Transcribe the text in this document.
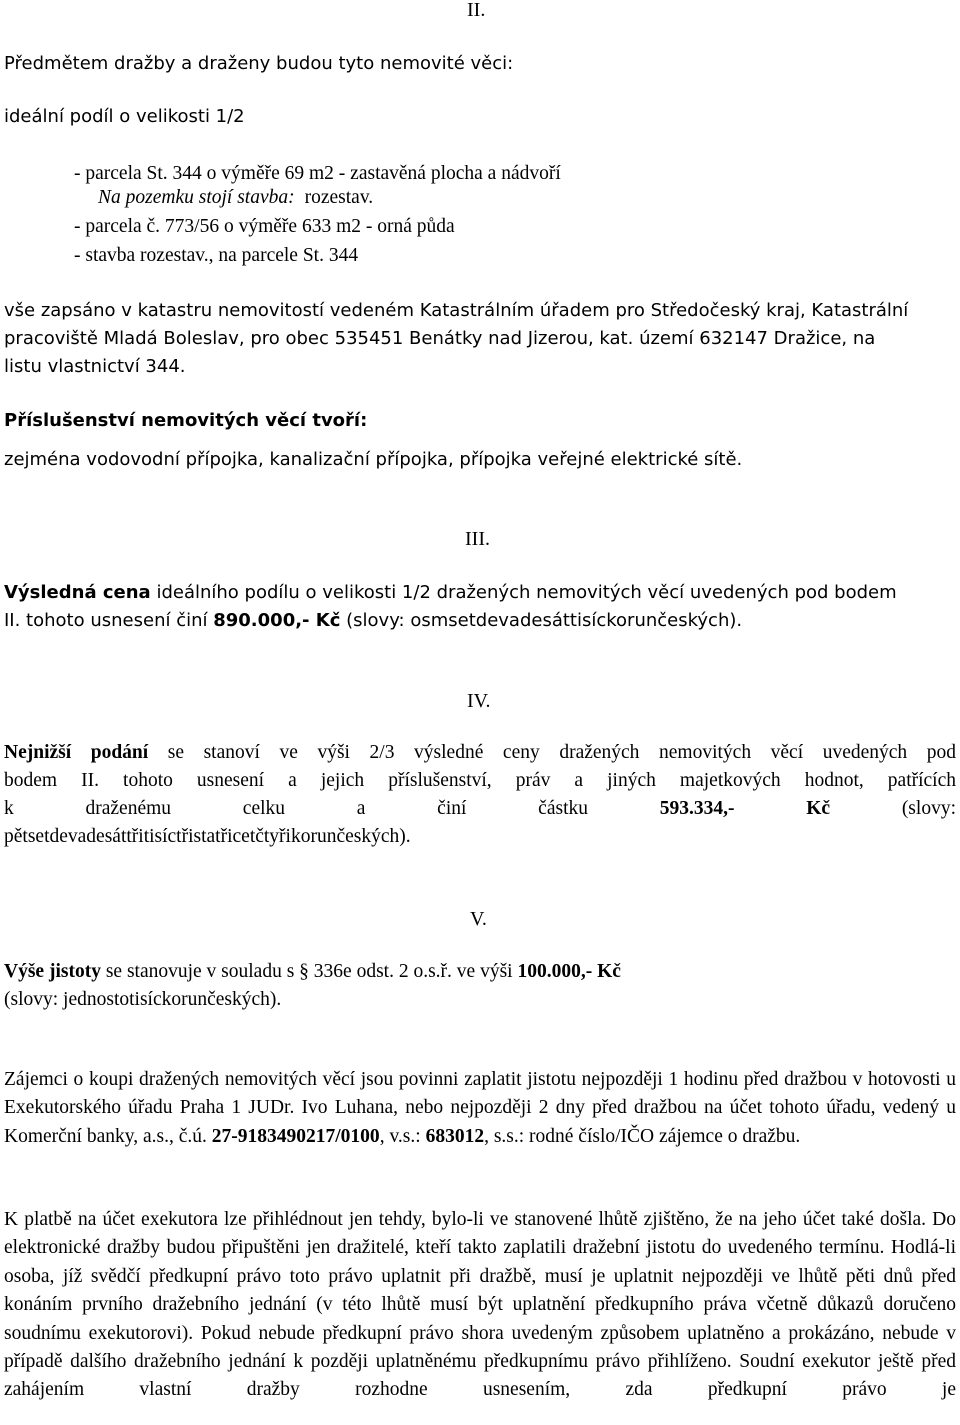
II.
Předmětem dražby a draženy budou tyto nemovité věci:
ideální podíl o velikosti 1/2
- parcela St. 344 o výměře 69 m2 - zastavěná plocha a nádvoří
Na pozemku stojí stavba: rozestav.
- parcela č. 773/56 o výměře 633 m2 - orná půda
- stavba rozestav., na parcele St. 344
vše zapsáno v katastru nemovitostí vedeném Katastrálním úřadem pro Středočeský kraj, Katastrální
pracoviště Mladá Boleslav, pro obec 535451 Benátky nad Jizerou, kat. území 632147 Dražice, na
listu vlastnictví 344.
Příslušenství nemovitých věcí tvoří:
zejména vodovodní přípojka, kanalizační přípojka, přípojka veřejné elektrické sítě.
III.
Výsledná cena ideálního podílu o velikosti 1/2 dražených nemovitých věcí uvedených pod bodem
II. tohoto usnesení činí 890.000,- Kč (slovy: osmsetdevadesáttisíckorunčeských).
IV.
Nejnižší podání se stanoví ve výši 2/3 výsledné ceny dražených nemovitých věcí uvedených pod
bodem II. tohoto usnesení a jejich příslušenství, práv a jiných majetkových hodnot, patřících
k draženému celku a činí částku 593.334,- Kč (slovy:
pětsetdevadesáttřitisíctřistatřicetčtyřikorunčeských).
V.
Výše jistoty se stanovuje v souladu s § 336e odst. 2 o.s.ř. ve výši 100.000,- Kč
(slovy: jednostotisíckorunčeských).
Zájemci o koupi dražených nemovitých věcí jsou povinni zaplatit jistotu nejpozději 1 hodinu před dražbou v hotovosti u Exekutorského úřadu Praha 1 JUDr. Ivo Luhana, nebo nejpozději 2 dny před dražbou na účet tohoto úřadu, vedený u Komerční banky, a.s., č.ú. 27-9183490217/0100, v.s.: 683012, s.s.: rodné číslo/IČO zájemce o dražbu.
K platbě na účet exekutora lze přihlédnout jen tehdy, bylo-li ve stanovené lhůtě zjištěno, že na jeho účet také došla. Do elektronické dražby budou připuštěni jen dražitelé, kteří takto zaplatili dražební jistotu do uvedeného termínu. Hodlá-li osoba, jíž svědčí předkupní právo toto právo uplatnit při dražbě, musí je uplatnit nejpozději ve lhůtě pěti dnů před konáním prvního dražebního jednání (v této lhůtě musí být uplatnění předkupního práva včetně důkazů doručeno soudnímu exekutorovi). Pokud nebude předkupní právo shora uvedeným způsobem uplatněno a prokázáno, nebude v případě dalšího dražebního jednání k později uplatněnému předkupnímu právo přihlíženo. Soudní exekutor ještě před zahájením vlastní dražby rozhodne usnesením, zda předkupní právo je
